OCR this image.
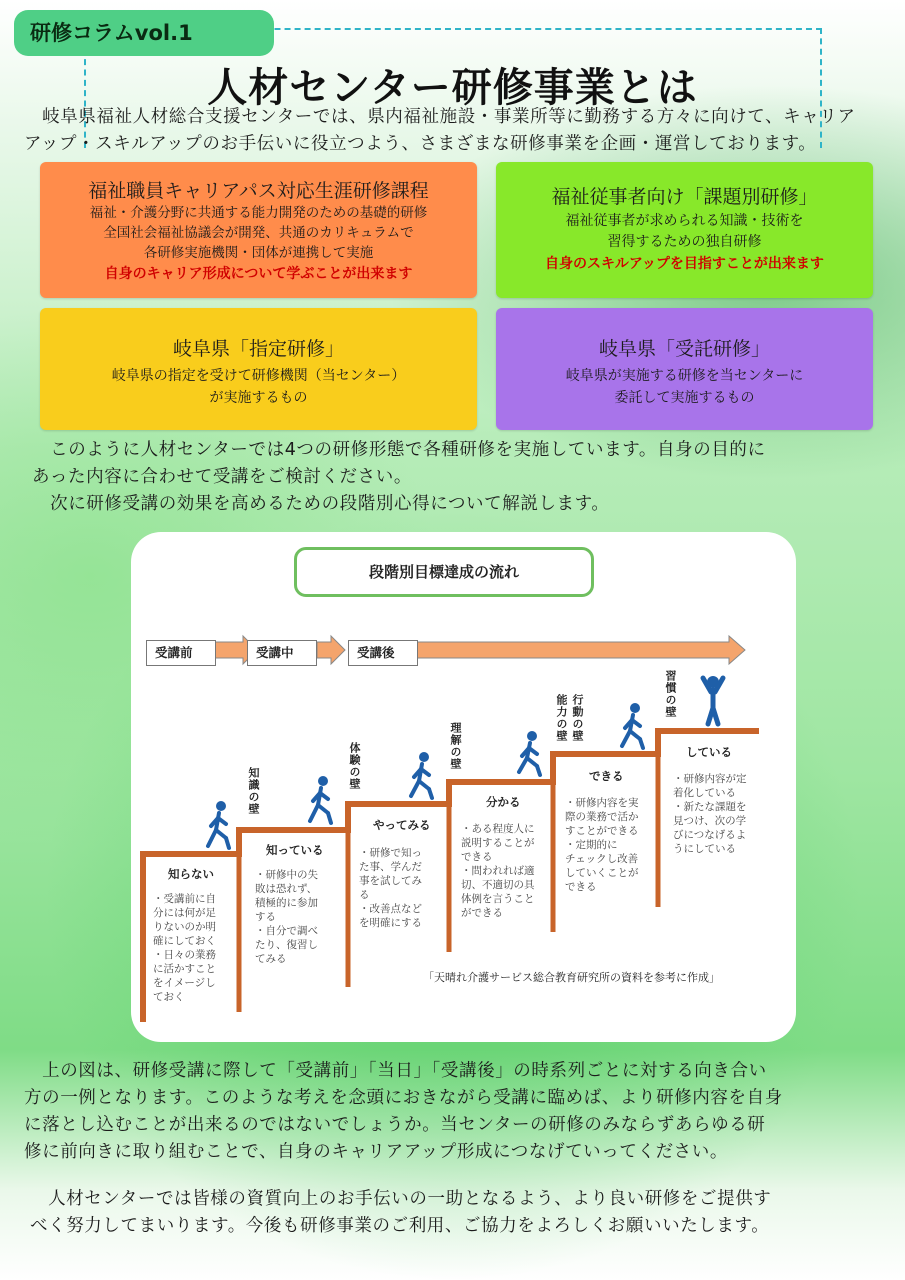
研修コラムvol.1
人材センター研修事業とは
　岐阜県福祉人材総合支援センターでは、県内福祉施設・事業所等に勤務する方々に向けて、キャリア
アップ・スキルアップのお手伝いに役立つよう、さまざまな研修事業を企画・運営しております。
福祉職員キャリアパス対応生涯研修課程
福祉・介護分野に共通する能力開発のための基礎的研修
全国社会福祉協議会が開発、共通のカリキュラムで
各研修実施機関・団体が連携して実施
自身のキャリア形成について学ぶことが出来ます
福祉従事者向け「課題別研修」
福祉従事者が求められる知識・技術を
習得するための独自研修
自身のスキルアップを目指すことが出来ます
岐阜県「指定研修」
岐阜県の指定を受けて研修機関（当センター）
が実施するもの
岐阜県「受託研修」
岐阜県が実施する研修を当センターに
委託して実施するもの
　このように人材センターでは4つの研修形態で各種研修を実施しています。自身の目的に
あった内容に合わせて受講をご検討ください。
　次に研修受講の効果を高めるための段階別心得について解説します。
段階別目標達成の流れ
受講前	受講中	受講後
知識の壁
体験の壁	理解の壁
能力の壁 行動の壁	習慣の壁
知らない
・受講前に自
分には何が足
りないのか明
確にしておく
・日々の業務
に活かすこと
をイメージし
ておく
知っている
・研修中の失
敗は恐れず、
積極的に参加
する
・自分で調べ
たり、復習し
てみる
やってみる
・研修で知っ
た事、学んだ
事を試してみ
る
・改善点など
を明確にする
分かる
・ある程度人に
説明することが
できる
・問われれば適
切、不適切の具
体例を言うこと
ができる
できる
・研修内容を実
際の業務で活か
すことができる
・定期的に
チェックし改善
していくことが
できる
している
・研修内容が定
着化している
・新たな課題を
見つけ、次の学
びにつなげるよ
うにしている
「天晴れ介護サービス総合教育研究所の資料を参考に作成」
　上の図は、研修受講に際して「受講前」「当日」「受講後」の時系列ごとに対する向き合い
方の一例となります。このような考えを念頭におきながら受講に臨めば、より研修内容を自身
に落とし込むことが出来るのではないでしょうか。当センターの研修のみならずあらゆる研
修に前向きに取り組むことで、自身のキャリアアップ形成につなげていってください。
　人材センターでは皆様の資質向上のお手伝いの一助となるよう、より良い研修をご提供す
べく努力してまいります。今後も研修事業のご利用、ご協力をよろしくお願いいたします。
